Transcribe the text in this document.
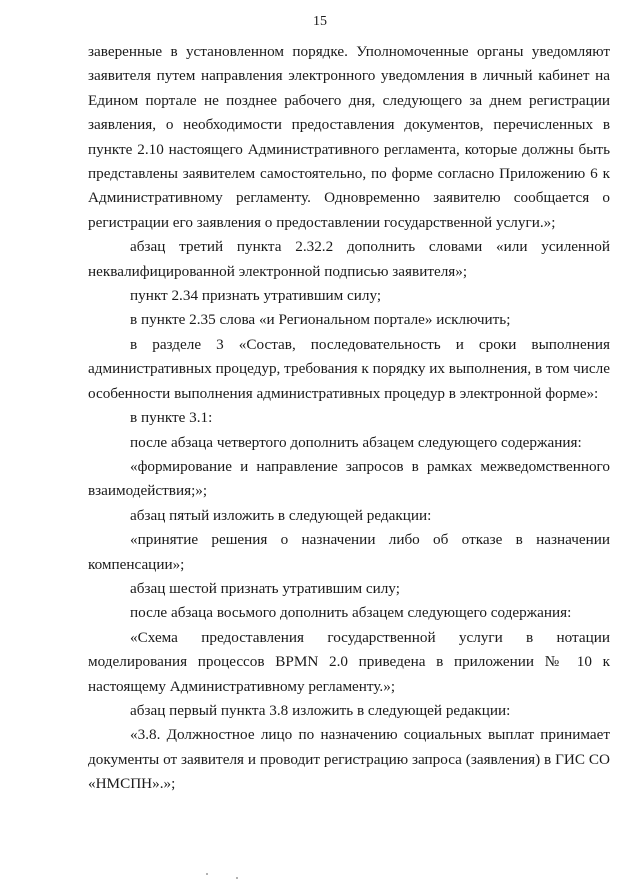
15

заверенные в установленном порядке. Уполномоченные органы уведомляют заявителя путем направления электронного уведомления в личный кабинет на Едином портале не позднее рабочего дня, следующего за днем регистрации заявления, о необходимости предоставления документов, перечисленных в пункте 2.10 настоящего Административного регламента, которые должны быть представлены заявителем самостоятельно, по форме согласно Приложению 6 к Административному регламенту. Одновременно заявителю сообщается о регистрации его заявления о предоставлении государственной услуги.»;

абзац третий пункта 2.32.2 дополнить словами «или усиленной неквалифицированной электронной подписью заявителя»;

пункт 2.34 признать утратившим силу;

в пункте 2.35 слова «и Региональном портале» исключить;

в разделе 3 «Состав, последовательность и сроки выполнения административных процедур, требования к порядку их выполнения, в том числе особенности выполнения административных процедур в электронной форме»:

в пункте 3.1:

после абзаца четвертого дополнить абзацем следующего содержания:

«формирование и направление запросов в рамках межведомственного взаимодействия;»;

абзац пятый изложить в следующей редакции:

«принятие решения о назначении либо об отказе в назначении компенсации»;

абзац шестой признать утратившим силу;

после абзаца восьмого дополнить абзацем следующего содержания:

«Схема предоставления государственной услуги в нотации моделирования процессов BPMN 2.0 приведена в приложении № 10 к настоящему Административному регламенту.»;

абзац первый пункта 3.8 изложить в следующей редакции:

«3.8. Должностное лицо по назначению социальных выплат принимает документы от заявителя и проводит регистрацию запроса (заявления) в ГИС СО «НМСПН».»;
